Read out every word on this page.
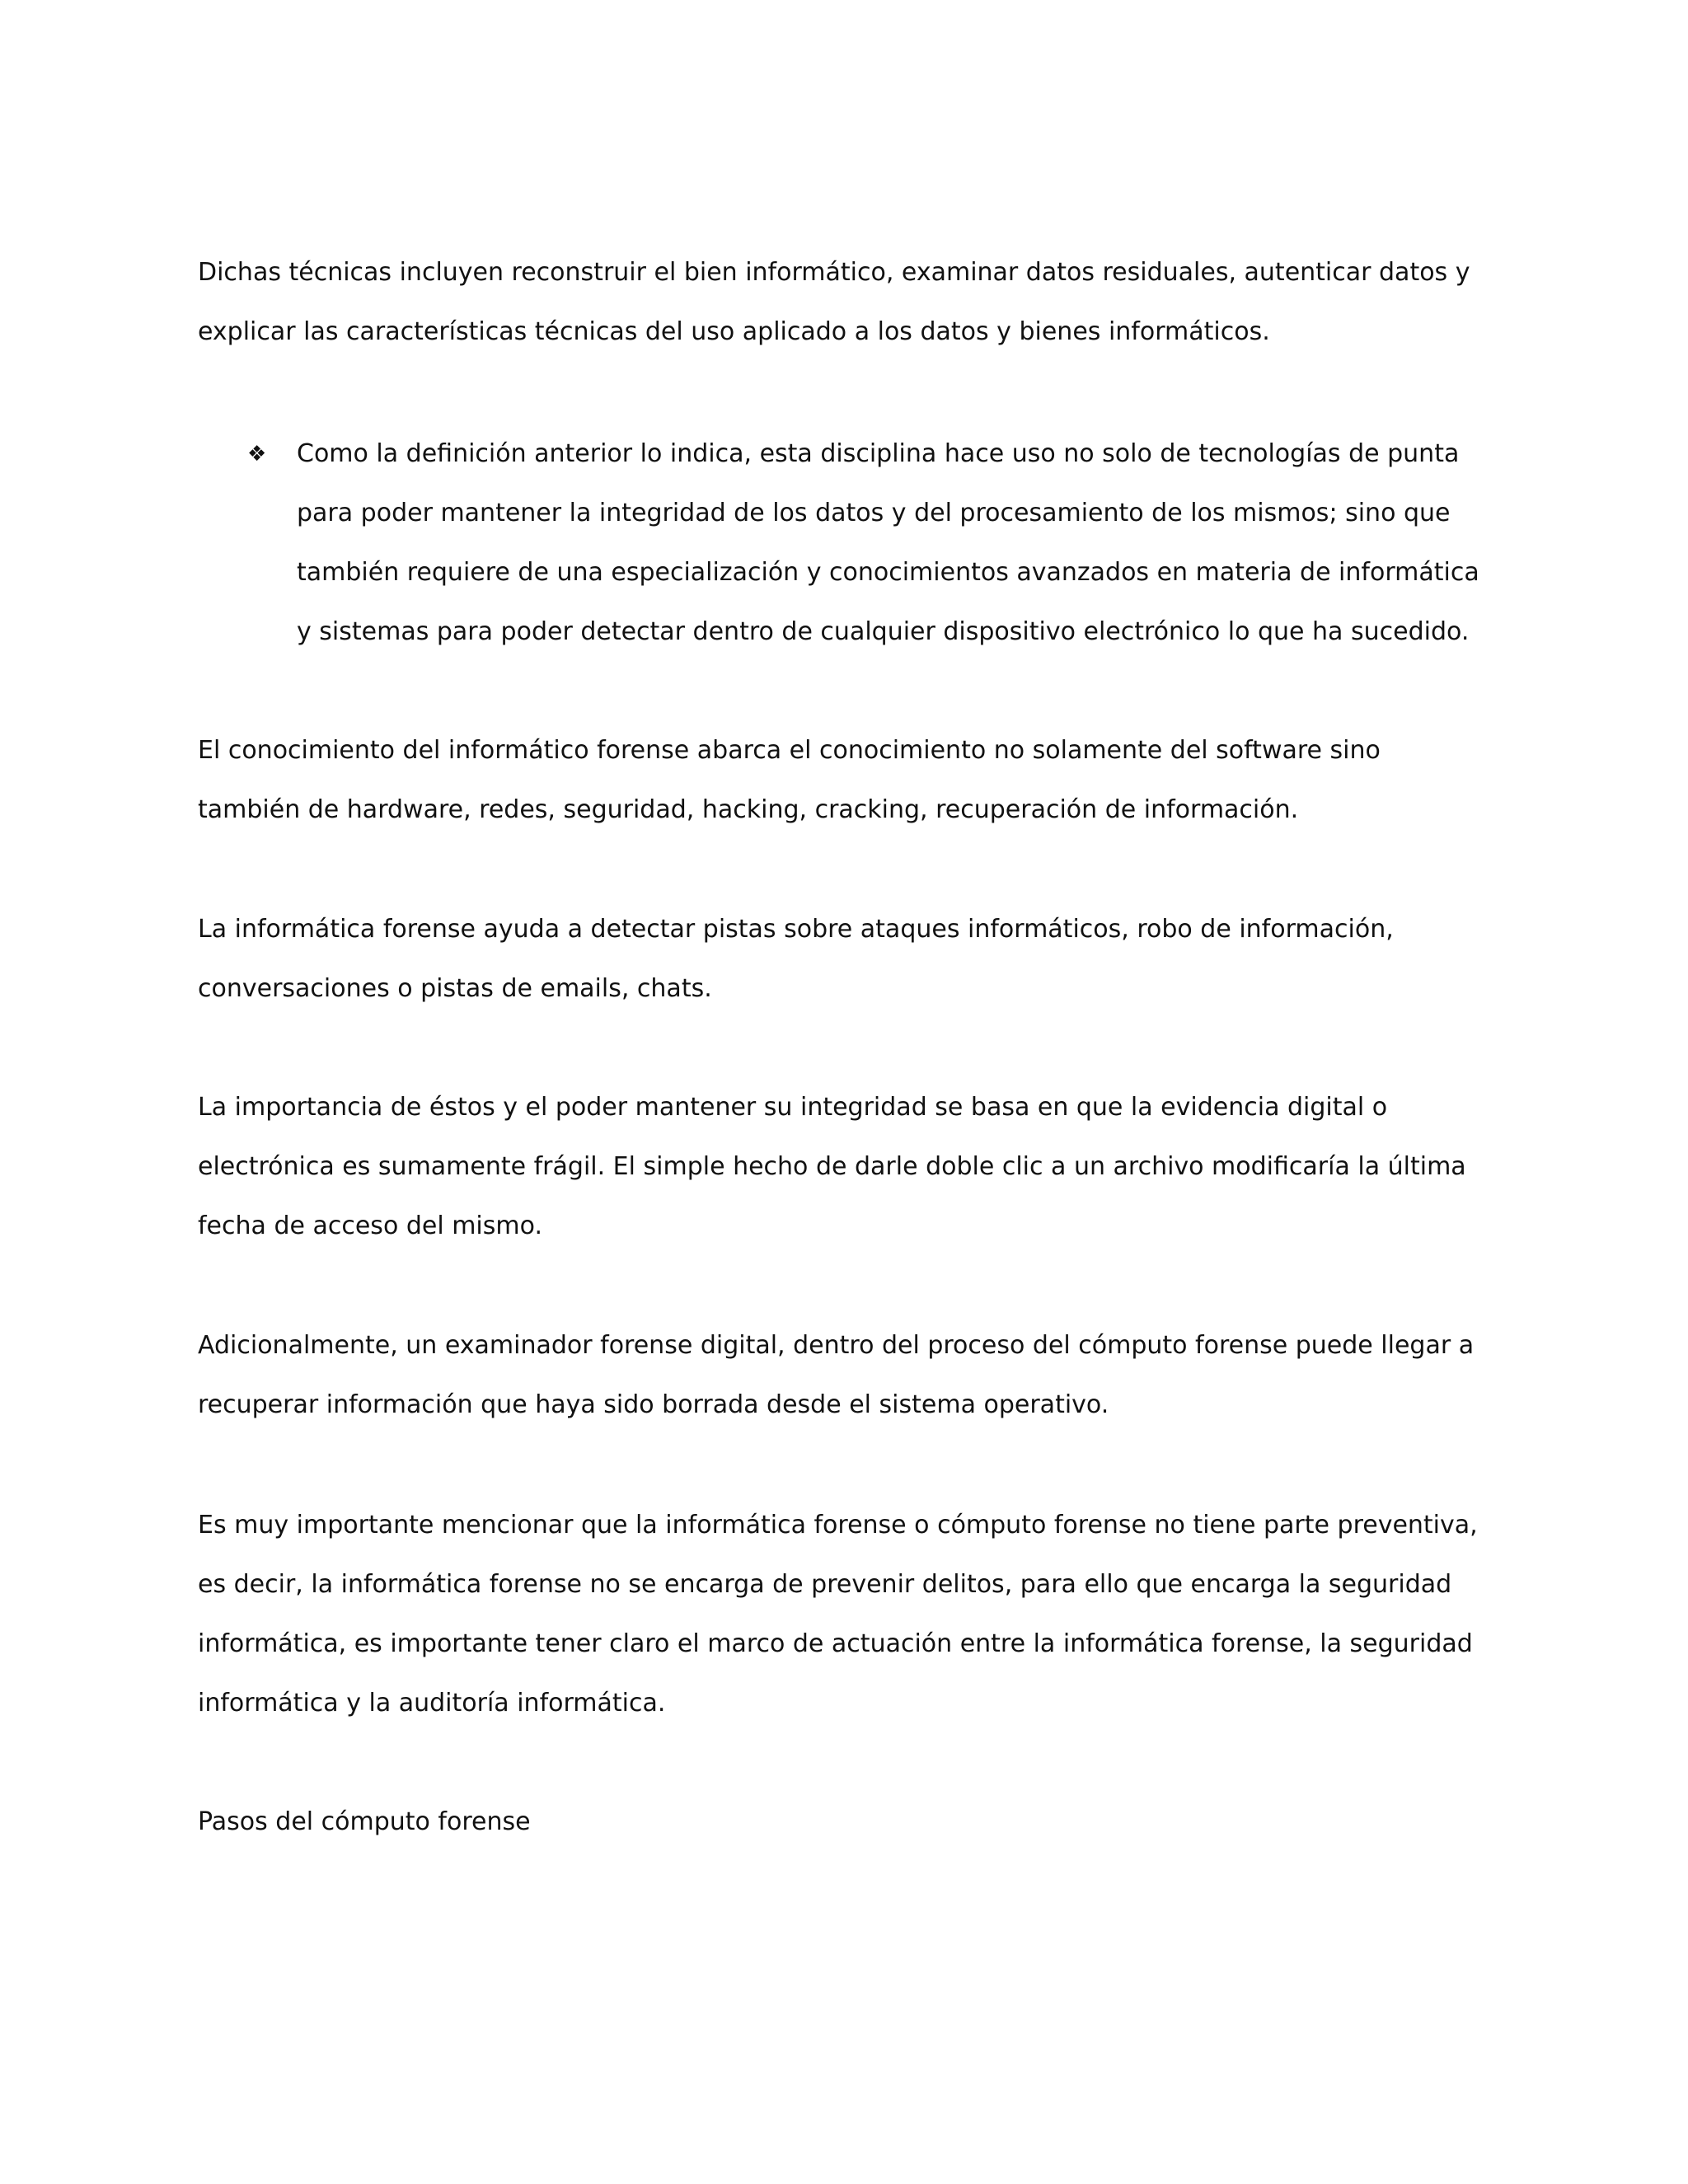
Dichas técnicas incluyen reconstruir el bien informático, examinar datos residuales, autenticar datos y explicar las características técnicas del uso aplicado a los datos y bienes informáticos.

❖ Como la definición anterior lo indica, esta disciplina hace uso no solo de tecnologías de punta para poder mantener la integridad de los datos y del procesamiento de los mismos; sino que también requiere de una especialización y conocimientos avanzados en materia de informática y sistemas para poder detectar dentro de cualquier dispositivo electrónico lo que ha sucedido.

El conocimiento del informático forense abarca el conocimiento no solamente del software sino también de hardware, redes, seguridad, hacking, cracking, recuperación de información.

La informática forense ayuda a detectar pistas sobre ataques informáticos, robo de información, conversaciones o pistas de emails, chats.

La importancia de éstos y el poder mantener su integridad se basa en que la evidencia digital o electrónica es sumamente frágil. El simple hecho de darle doble clic a un archivo modificaría la última fecha de acceso del mismo.

Adicionalmente, un examinador forense digital, dentro del proceso del cómputo forense puede llegar a recuperar información que haya sido borrada desde el sistema operativo.

Es muy importante mencionar que la informática forense o cómputo forense no tiene parte preventiva, es decir, la informática forense no se encarga de prevenir delitos, para ello que encarga la seguridad informática, es importante tener claro el marco de actuación entre la informática forense, la seguridad informática y la auditoría informática.

Pasos del cómputo forense
